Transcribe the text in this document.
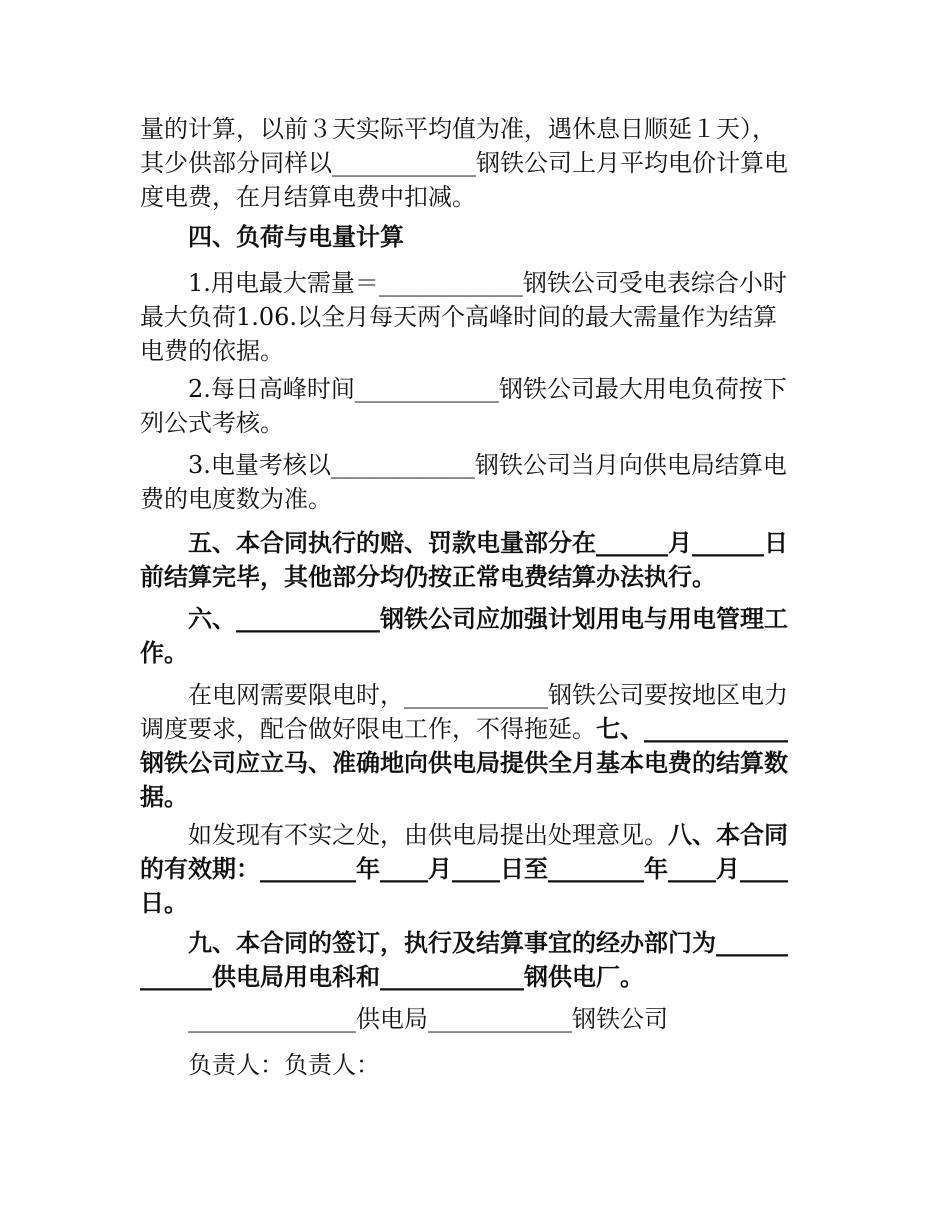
量的计算，以前３天实际平均值为准，遇休息日顺延１天），
其少供部分同样以____________钢铁公司上月平均电价计算电
度电费，在月结算电费中扣减。
四、负荷与电量计算
1.用电最大需量＝____________钢铁公司受电表综合小时
最大负荷1.06.以全月每天两个高峰时间的最大需量作为结算
电费的依据。
2.每日高峰时间____________钢铁公司最大用电负荷按下
列公式考核。
3.电量考核以____________钢铁公司当月向供电局结算电
费的电度数为准。
五、本合同执行的赔、罚款电量部分在______月______日
前结算完毕，其他部分均仍按正常电费结算办法执行。
六、____________钢铁公司应加强计划用电与用电管理工
作。
在电网需要限电时，____________钢铁公司要按地区电力
调度要求，配合做好限电工作，不得拖延。七、____________
钢铁公司应立马、准确地向供电局提供全月基本电费的结算数
据。
如发现有不实之处，由供电局提出处理意见。八、本合同
的有效期：________年____月____日至________年____月____
日。
九、本合同的签订，执行及结算事宜的经办部门为______
______供电局用电科和____________钢供电厂。
______________供电局____________钢铁公司
负责人：负责人：
